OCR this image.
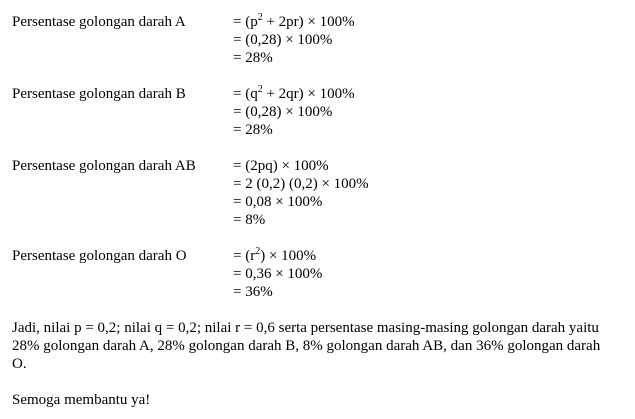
Persentase golongan darah A	= $(p^2 + 2pr) \times 100\%$
= (0,28) × 100%
= 28%
Persentase golongan darah B	= $(q^2 + 2qr) \times 100\%$
= (0,28) × 100%
= 28%
Persentase golongan darah AB = (2pq) × 100%
= 2 (0,2) (0,2) × 100%
= 0,08 × 100%
= 8%
Persentase golongan darah O	= $(r^2) \times 100\%$
= 0,36 × 100%
= 36%
Jadi, nilai p = 0,2; nilai q = 0,2; nilai r = 0,6 serta persentase masing-masing golongan darah yaitu
28% golongan darah A, 28% golongan darah B, 8% golongan darah AB, dan 36% golongan darah
O.
Semoga membantu ya!
